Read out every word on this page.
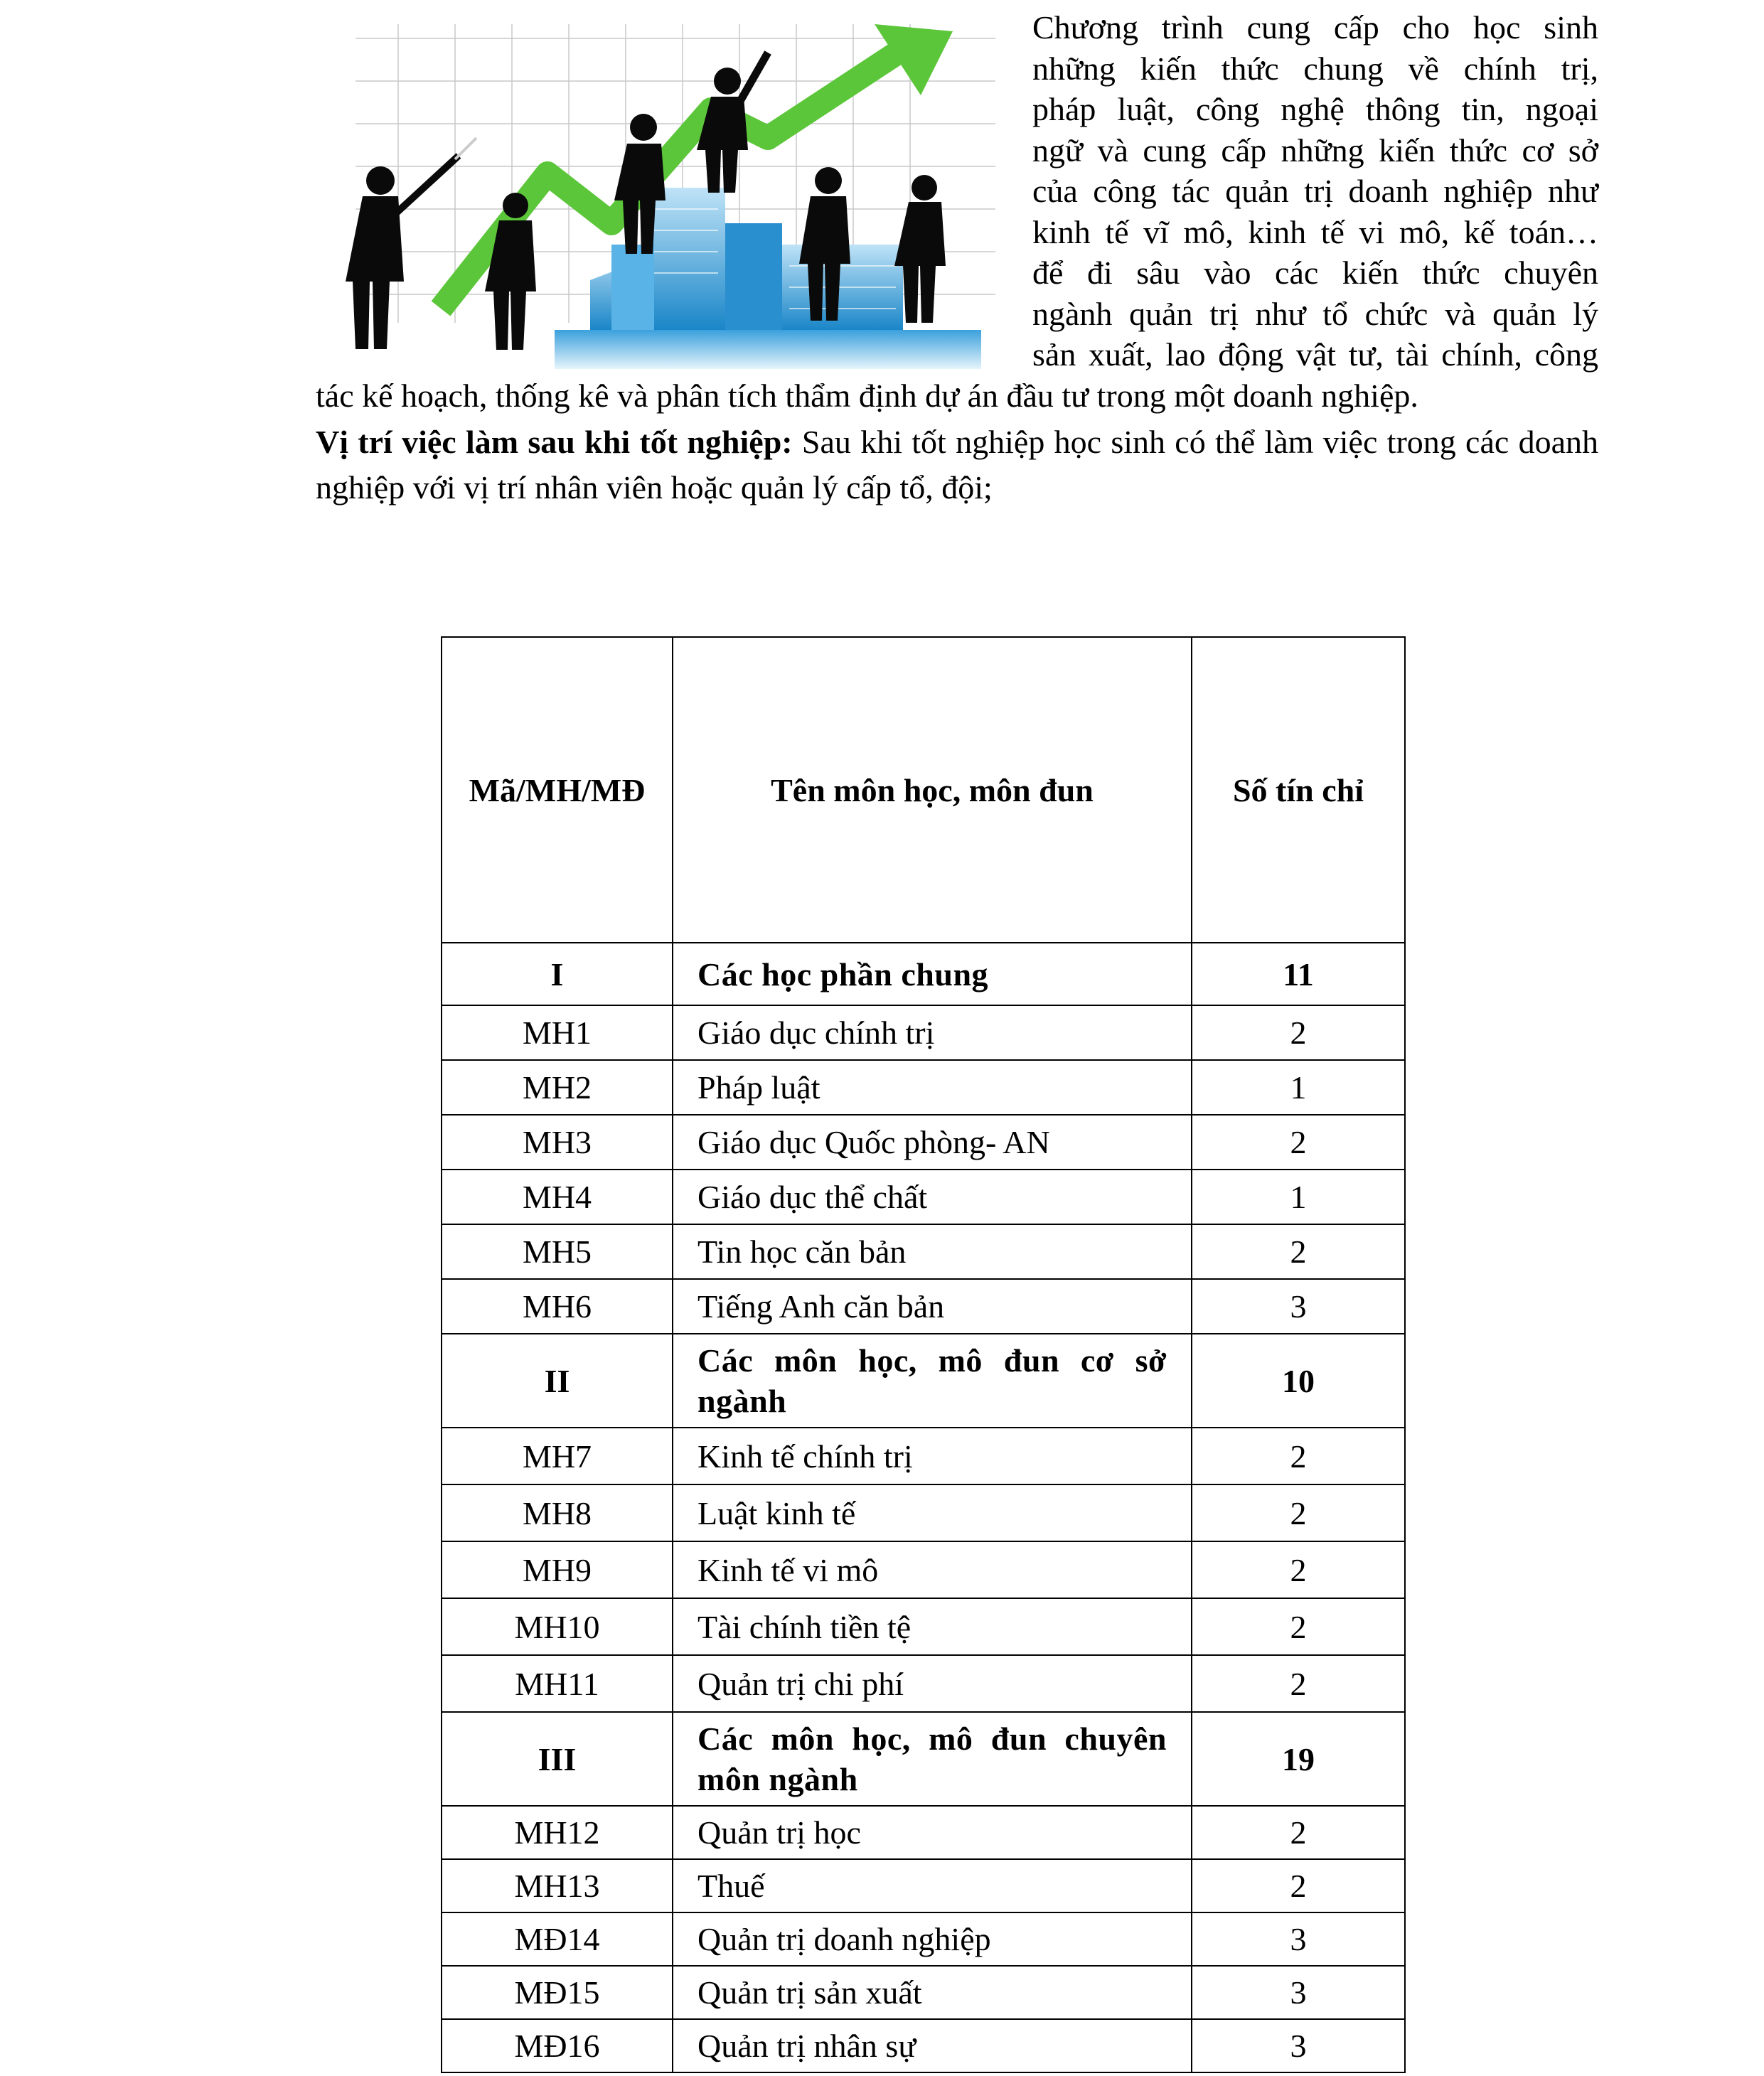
Chương trình cung cấp cho học sinh
những kiến thức chung về chính trị,
pháp luật, công nghệ thông tin, ngoại
ngữ và cung cấp những kiến thức cơ sở
của công tác quản trị doanh nghiệp như
kinh tế vĩ mô, kinh tế vi mô, kế toán…
để đi sâu vào các kiến thức chuyên
ngành quản trị như tổ chức và quản lý
sản xuất, lao động vật tư, tài chính, công
tác kế hoạch, thống kê và phân tích thẩm định dự án đầu tư trong một doanh nghiệp.
Vị trí việc làm sau khi tốt nghiệp: Sau khi tốt nghiệp học sinh có thể làm việc trong các doanh nghiệp với vị trí nhân viên hoặc quản lý cấp tổ, đội;
Mã/MH/MĐ	Tên môn học, môn đun	Số tín chỉ
I	Các học phần chung	11
MH1	Giáo dục chính trị	2
MH2	Pháp luật	1
MH3	Giáo dục Quốc phòng- AN	2
MH4	Giáo dục thể chất	1
MH5	Tin học căn bản	2
MH6	Tiếng Anh căn bản	3
II	Các môn học, mô đun cơ sở ngành	10
MH7	Kinh tế chính trị	2
MH8	Luật kinh tế	2
MH9	Kinh tế vi mô	2
MH10	Tài chính tiền tệ	2
MH11	Quản trị chi phí	2
III	Các môn học, mô đun chuyên môn ngành	19
MH12	Quản trị học	2
MH13	Thuế	2
MĐ14	Quản trị doanh nghiệp	3
MĐ15	Quản trị sản xuất	3
MĐ16	Quản trị nhân sự	3
